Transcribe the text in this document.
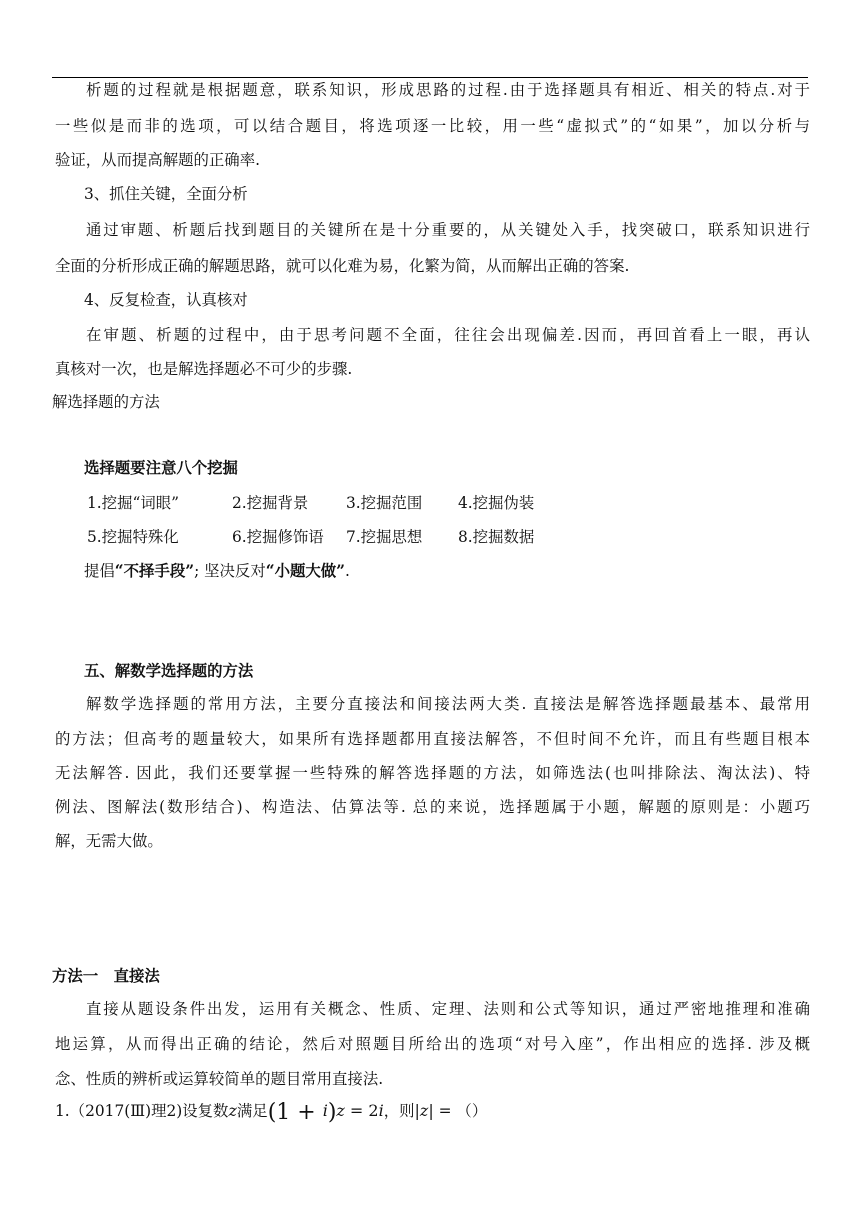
析题的过程就是根据题意，联系知识，形成思路的过程.由于选择题具有相近、相关的特点.对于
一些似是而非的选项，可以结合题目，将选项逐一比较，用一些“虚拟式”的“如果”，加以分析与
验证，从而提高解题的正确率.
3、抓住关键，全面分析
通过审题、析题后找到题目的关键所在是十分重要的，从关键处入手，找突破口，联系知识进行
全面的分析形成正确的解题思路，就可以化难为易，化繁为简，从而解出正确的答案.
4、反复检查，认真核对
在审题、析题的过程中，由于思考问题不全面，往往会出现偏差.因而，再回首看上一眼，再认
真核对一次，也是解选择题必不可少的步骤.
解选择题的方法
选择题要注意八个挖掘
1.挖掘“词眼”	2.挖掘背景 3.挖掘范围 4.挖掘伪装
5.挖掘特殊化	6.挖掘修饰语 7.挖掘思想 8.挖掘数据
提倡“不择手段”; 坚决反对“小题大做”.
五、解数学选择题的方法
解数学选择题的常用方法，主要分直接法和间接法两大类. 直接法是解答选择题最基本、最常用
的方法；但高考的题量较大，如果所有选择题都用直接法解答，不但时间不允许，而且有些题目根本
无法解答. 因此，我们还要掌握一些特殊的解答选择题的方法，如筛选法(也叫排除法、淘汰法)、特
例法、图解法(数形结合)、构造法、估算法等. 总的来说，选择题属于小题，解题的原则是：小题巧
解，无需大做。
方法一　直接法
直接从题设条件出发，运用有关概念、性质、定理、法则和公式等知识，通过严密地推理和准确
地运算，从而得出正确的结论，然后对照题目所给出的选项“对号入座”，作出相应的选择. 涉及概
念、性质的辨析或运算较简单的题目常用直接法.
1.（2017(Ⅲ)理2)设复数z满足(1 + i)z = 2i，则|z| = （）
